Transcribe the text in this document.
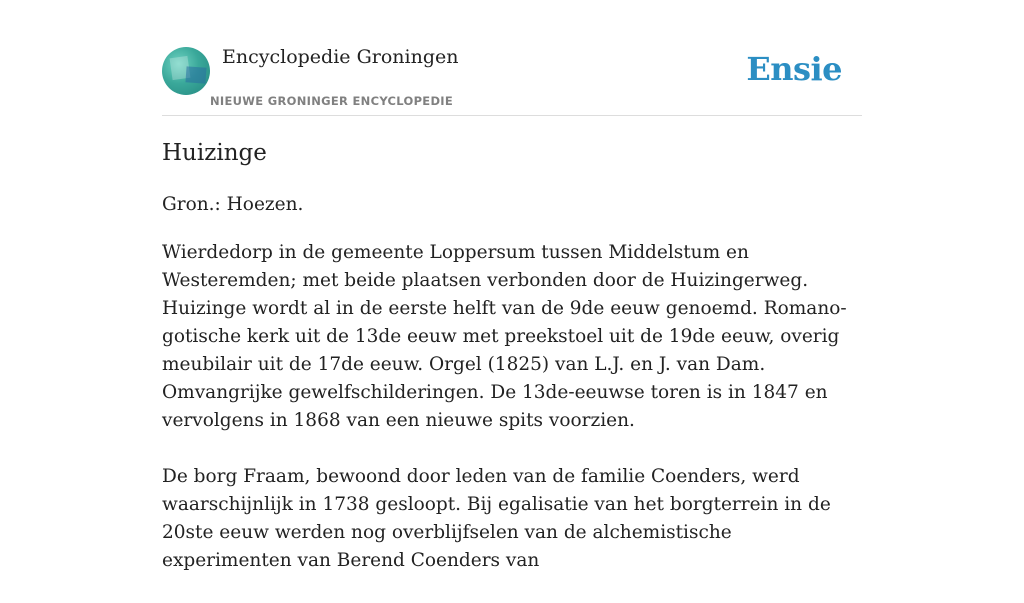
Encyclopedie Groningen
NIEUWE GRONINGER ENCYCLOPEDIE
Ensie
Huizinge
Gron.: Hoezen.

Wierdedorp in de gemeente Loppersum tussen Middelstum en Westeremden; met beide plaatsen verbonden door de Huizingerweg. Huizinge wordt al in de eerste helft van de 9de eeuw genoemd. Romano-gotische kerk uit de 13de eeuw met preekstoel uit de 19de eeuw, overig meubilair uit de 17de eeuw. Orgel (1825) van L.J. en J. van Dam. Omvangrijke gewelfschilderingen. De 13de-eeuwse toren is in 1847 en vervolgens in 1868 van een nieuwe spits voorzien.

De borg Fraam, bewoond door leden van de familie Coenders, werd waarschijnlijk in 1738 gesloopt. Bij egalisatie van het borgterrein in de 20ste eeuw werden nog overblijfselen van de alchemistische experimenten van Berend Coenders van
